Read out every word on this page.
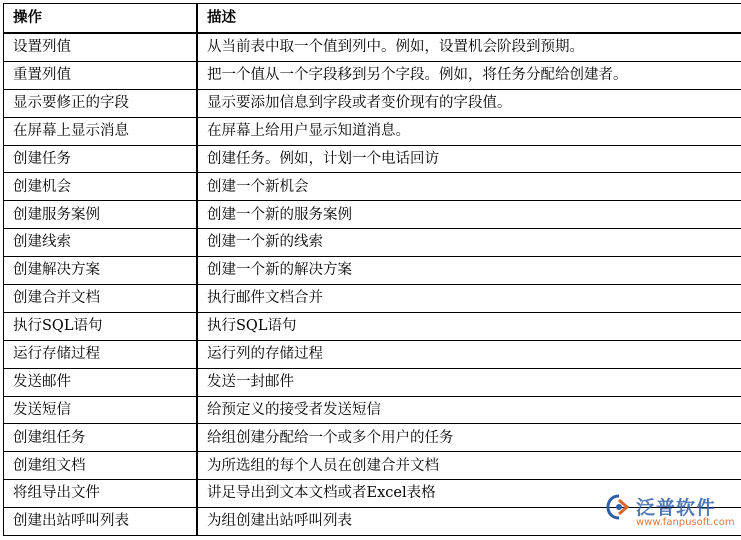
操作	描述
设置列值	从当前表中取一个值到列中。例如，设置机会阶段到预期。
重置列值	把一个值从一个字段移到另个字段。例如，将任务分配给创建者。
显示要修正的字段	显示要添加信息到字段或者变价现有的字段值。
在屏幕上显示消息	在屏幕上给用户显示知道消息。
创建任务	创建任务。例如，计划一个电话回访
创建机会	创建一个新机会
创建服务案例	创建一个新的服务案例
创建线索	创建一个新的线索
创建解决方案	创建一个新的解决方案
创建合并文档	执行邮件文档合并
执行SQL语句	执行SQL语句
运行存储过程	运行列的存储过程
发送邮件	发送一封邮件
发送短信	给预定义的接受者发送短信
创建组任务	给组创建分配给一个或多个用户的任务
创建组文档	为所选组的每个人员在创建合并文档
将组导出文件	讲足导出到文本文档或者Excel表格
创建出站呼叫列表	为组创建出站呼叫列表
泛普软件
www.fanpusoft.com
